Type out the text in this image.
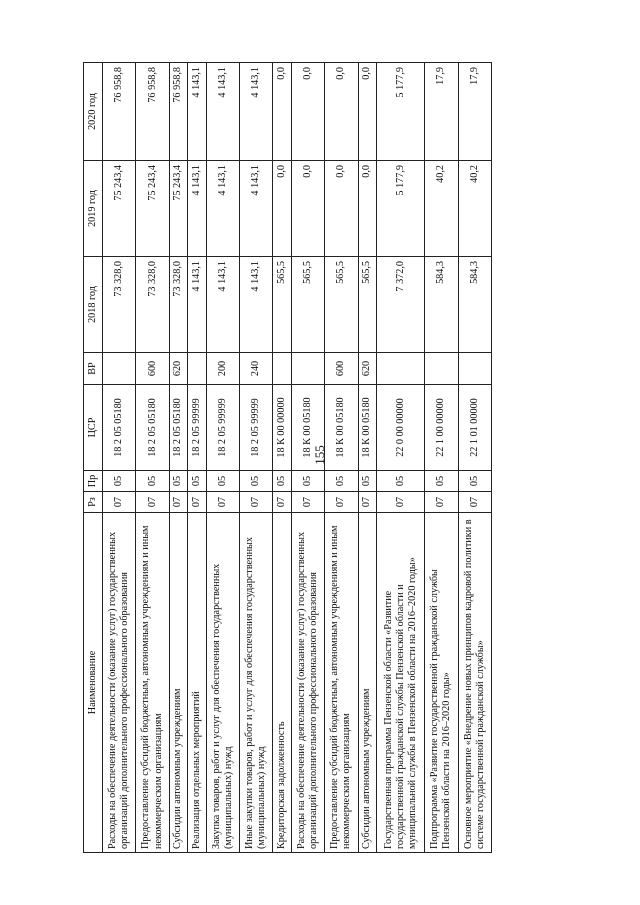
155
Наименование	Рз	Пр	ЦСР	ВР	2018 год	2019 год	2020 год
Расходы на обеспечение деятельности (оказание услуг) государственных организаций дополнительного профессионального образования	07	05	18 2 05 05180		73 328,0	75 243,4	76 958,8
Предоставление субсидий бюджетным, автономным учреждениям и иным некоммерческим организациям	07	05	18 2 05 05180	600	73 328,0	75 243,4	76 958,8
Субсидии автономным учреждениям	07	05	18 2 05 05180	620	73 328,0	75 243,4	76 958,8
Реализация отдельных мероприятий	07	05	18 2 05 99999		4 143,1	4 143,1	4 143,1
Закупка товаров, работ и услуг для обеспечения государственных (муниципальных) нужд	07	05	18 2 05 99999	200	4 143,1	4 143,1	4 143,1
Иные закупки товаров, работ и услуг для обеспечения государственных (муниципальных) нужд	07	05	18 2 05 99999	240	4 143,1	4 143,1	4 143,1
Кредиторская задолженность	07	05	18 К 00 00000		565,5	0,0	0,0
Расходы на обеспечение деятельности (оказание услуг) государственных организаций дополнительного профессионального образования	07	05	18 К 00 05180		565,5	0,0	0,0
Предоставление субсидий бюджетным, автономным учреждениям и иным некоммерческим организациям	07	05	18 К 00 05180	600	565,5	0,0	0,0
Субсидии автономным учреждениям	07	05	18 К 00 05180	620	565,5	0,0	0,0
Государственная программа Пензенской области «Развитие государственной гражданской службы Пензенской области и муниципальной службы в Пензенской области на 2016–2020 годы»	07	05	22 0 00 00000		7 372,0	5 177,9	5 177,9
Подпрограмма «Развитие государственной гражданской службы Пензенской области на 2016–2020 годы»	07	05	22 1 00 00000		584,3	40,2	17,9
Основное мероприятие «Внедрение новых принципов кадровой политики в системе государственной гражданской службы»	07	05	22 1 01 00000		584,3	40,2	17,9
